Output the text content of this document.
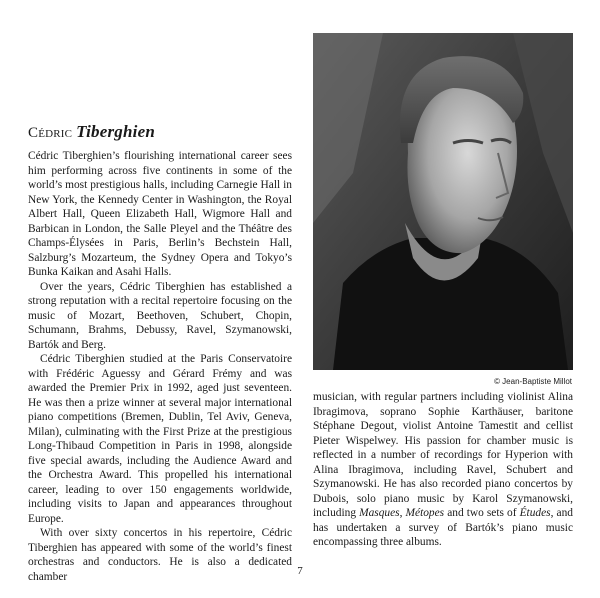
Cédric Tiberghien

Cédric Tiberghien’s flourishing international career sees him performing across five continents in some of the world’s most prestigious halls, including Carnegie Hall in New York, the Kennedy Center in Washington, the Royal Albert Hall, Queen Elizabeth Hall, Wigmore Hall and Barbican in London, the Salle Pleyel and the Théâtre des Champs-Élysées in Paris, Berlin’s Bechstein Hall, Salzburg’s Mozarteum, the Sydney Opera and Tokyo’s Bunka Kaikan and Asahi Halls.

Over the years, Cédric Tiberghien has established a strong reputation with a recital repertoire focusing on the music of Mozart, Beethoven, Schubert, Chopin, Schumann, Brahms, Debussy, Ravel, Szymanowski, Bartók and Berg.

Cédric Tiberghien studied at the Paris Conservatoire with Frédéric Aguessy and Gérard Frémy and was awarded the Premier Prix in 1992, aged just seventeen. He was then a prize winner at several major international piano competitions (Bremen, Dublin, Tel Aviv, Geneva, Milan), culminating with the First Prize at the prestigious Long-Thibaud Competition in Paris in 1998, alongside five special awards, including the Audience Award and the Orchestra Award. This propelled his international career, leading to over 150 engagements worldwide, including visits to Japan and appearances throughout Europe.

With over sixty concertos in his repertoire, Cédric Tiberghien has appeared with some of the world’s finest orchestras and conductors. He is also a dedicated chamber

© Jean-Baptiste Millot

musician, with regular partners including violinist Alina Ibragimova, soprano Sophie Karthäuser, baritone Stéphane Degout, violist Antoine Tamestit and cellist Pieter Wispelwey. His passion for chamber music is reflected in a number of recordings for Hyperion with Alina Ibragimova, including Ravel, Schubert and Szymanowski. He has also recorded piano concertos by Dubois, solo piano music by Karol Szymanowski, including Masques, Métopes and two sets of Études, and has undertaken a survey of Bartók’s piano music encompassing three albums.

7
